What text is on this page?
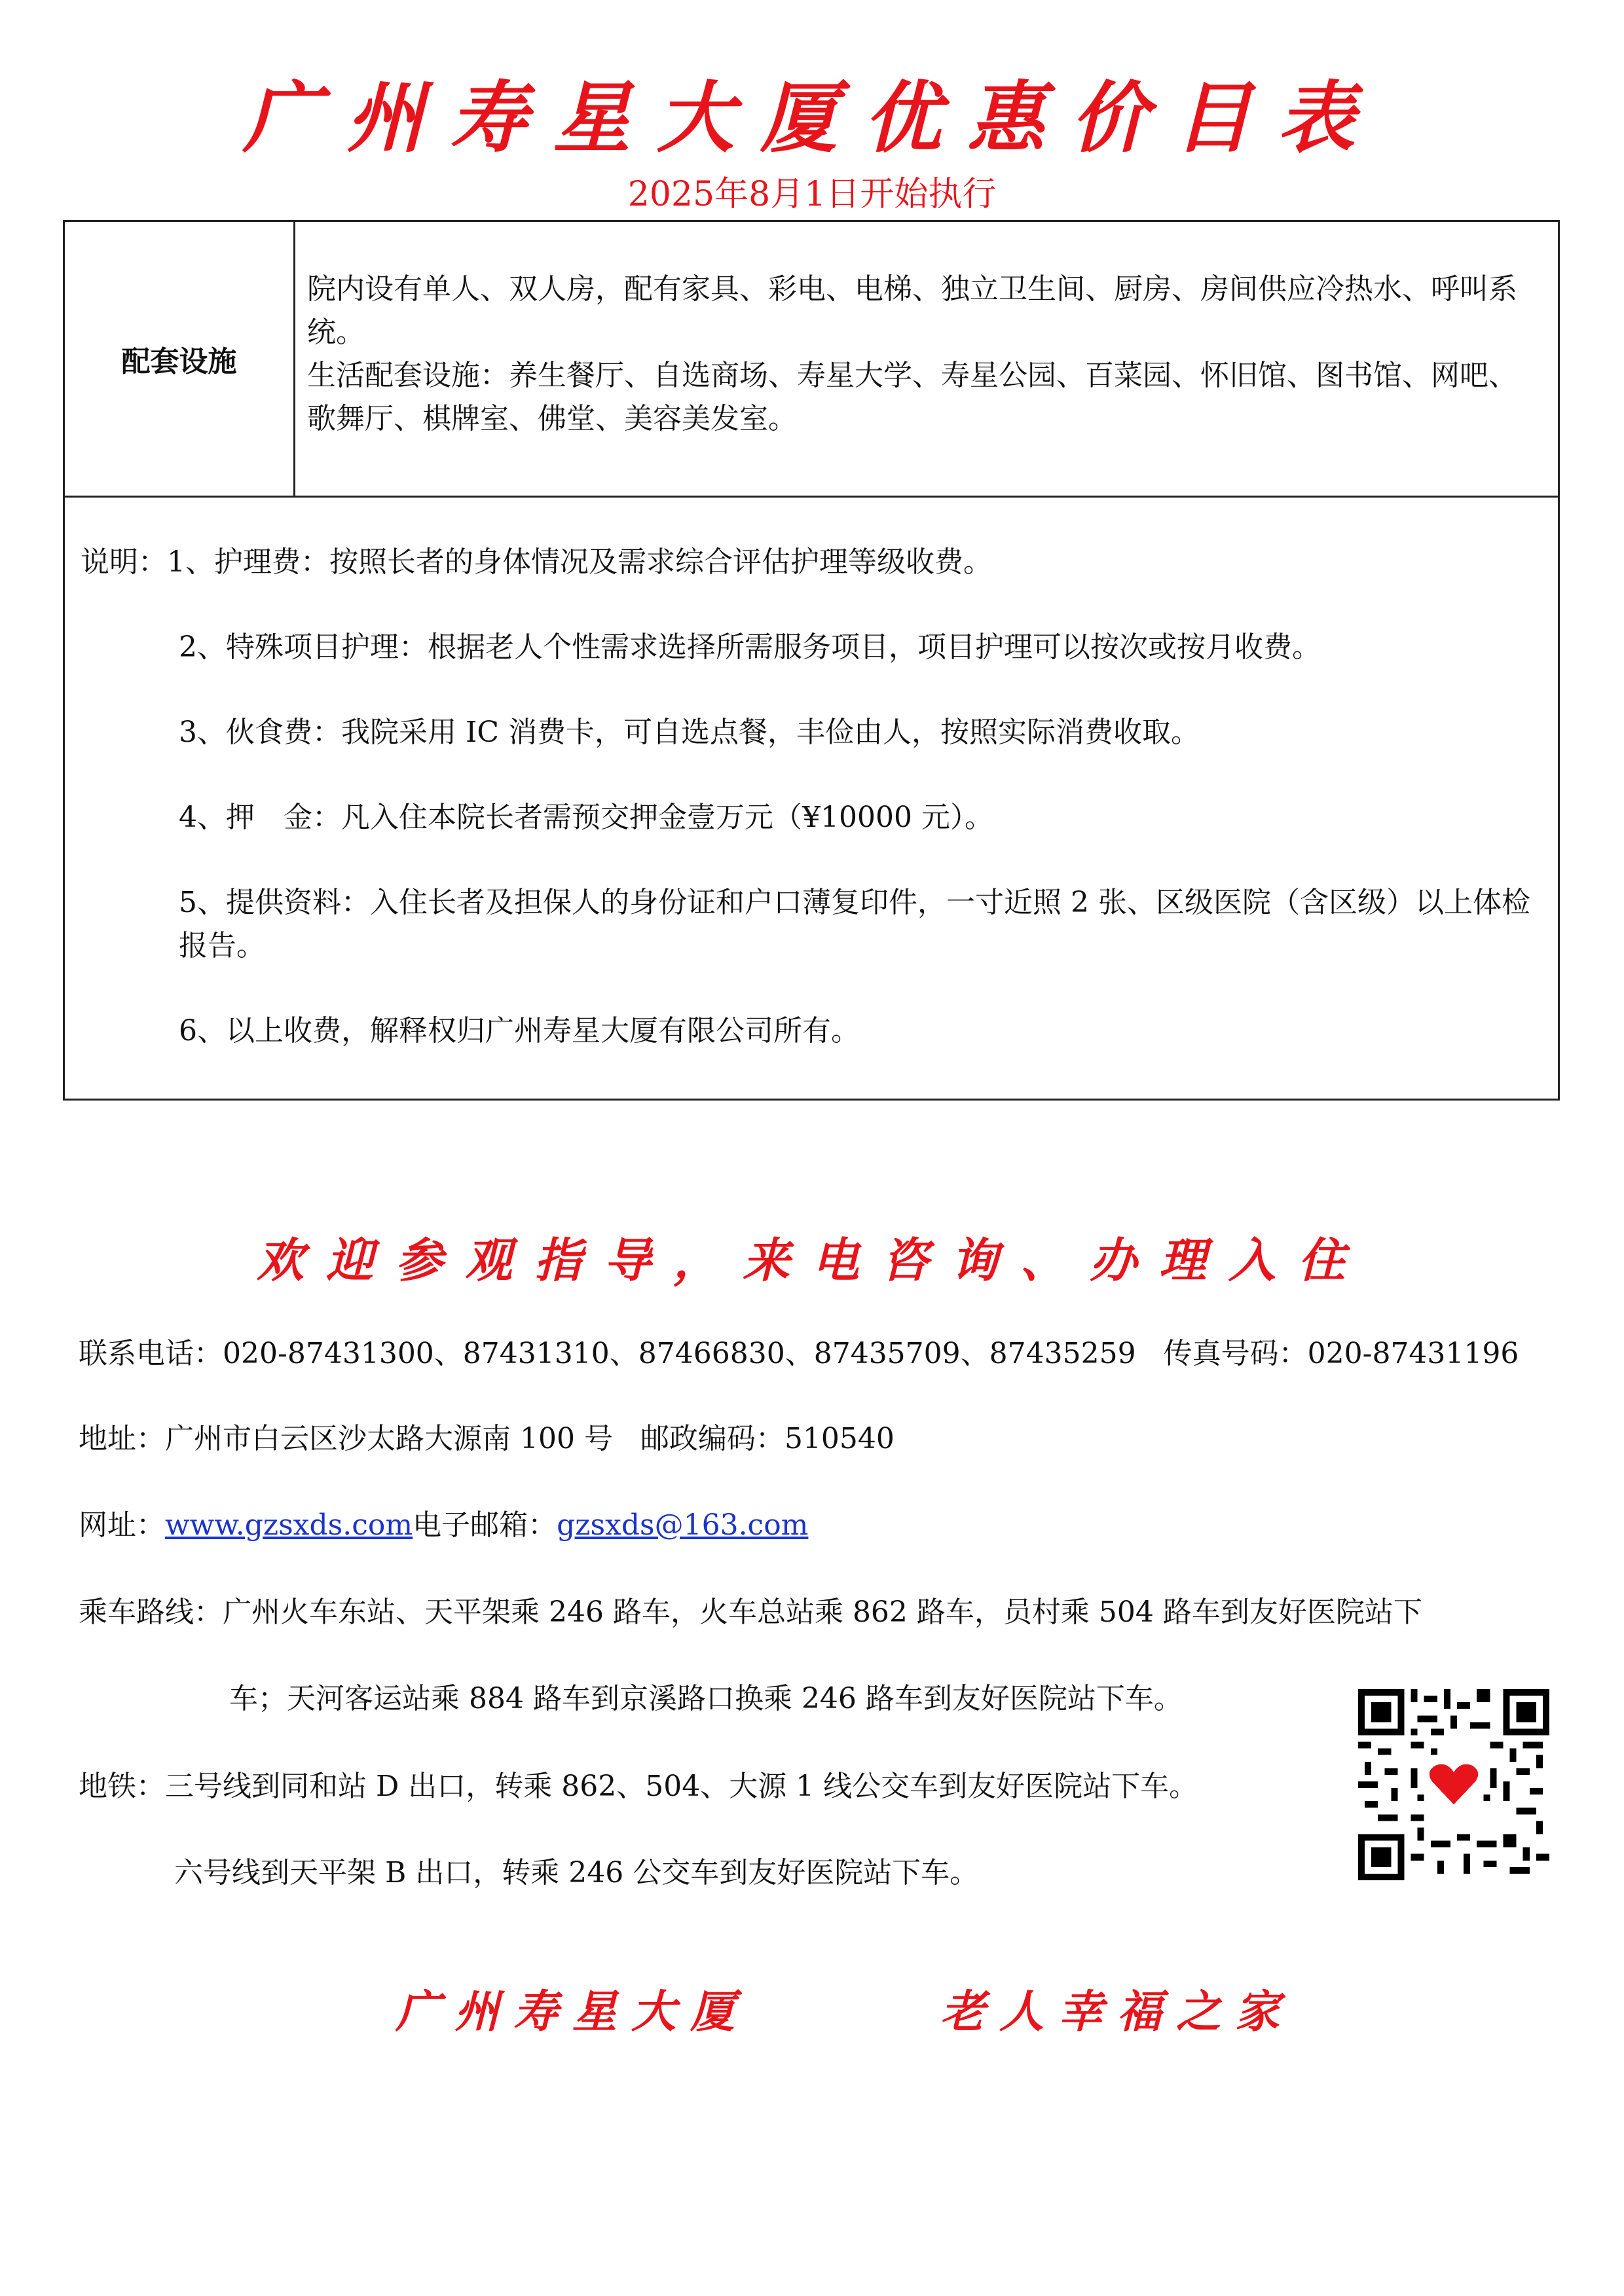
广州寿星大厦优惠价目表
2025年8月1日开始执行
配套设施

院内设有单人、双人房，配有家具、彩电、电梯、独立卫生间、厨房、房间供应冷热水、呼叫系统。

生活配套设施：养生餐厅、自选商场、寿星大学、寿星公园、百菜园、怀旧馆、图书馆、网吧、歌舞厅、棋牌室、佛堂、美容美发室。

说明：1、护理费：按照长者的身体情况及需求综合评估护理等级收费。

2、特殊项目护理：根据老人个性需求选择所需服务项目，项目护理可以按次或按月收费。

3、伙食费：我院采用 IC 消费卡，可自选点餐，丰俭由人，按照实际消费收取。

4、押　金：凡入住本院长者需预交押金壹万元（¥10000 元）。

5、提供资料：入住长者及担保人的身份证和户口薄复印件，一寸近照 2 张、区级医院（含区级）以上体检报告。

6、以上收费，解释权归广州寿星大厦有限公司所有。

欢迎参观指导，来电咨询、办理入住
联系电话：020-87431300、87431310、87466830、87435709、87435259 传真号码：020-87431196
地址：广州市白云区沙太路大源南 100 号 邮政编码：510540
网址：www.gzsxds.com电子邮箱：gzsxds@163.com
乘车路线：广州火车东站、天平架乘 246 路车，火车总站乘 862 路车，员村乘 504 路车到友好医院站下
车；天河客运站乘 884 路车到京溪路口换乘 246 路车到友好医院站下车。
地铁：三号线到同和站 D 出口，转乘 862、504、大源 1 线公交车到友好医院站下车。
六号线到天平架 B 出口，转乘 246 公交车到友好医院站下车。
广州寿星大厦	老人幸福之家
